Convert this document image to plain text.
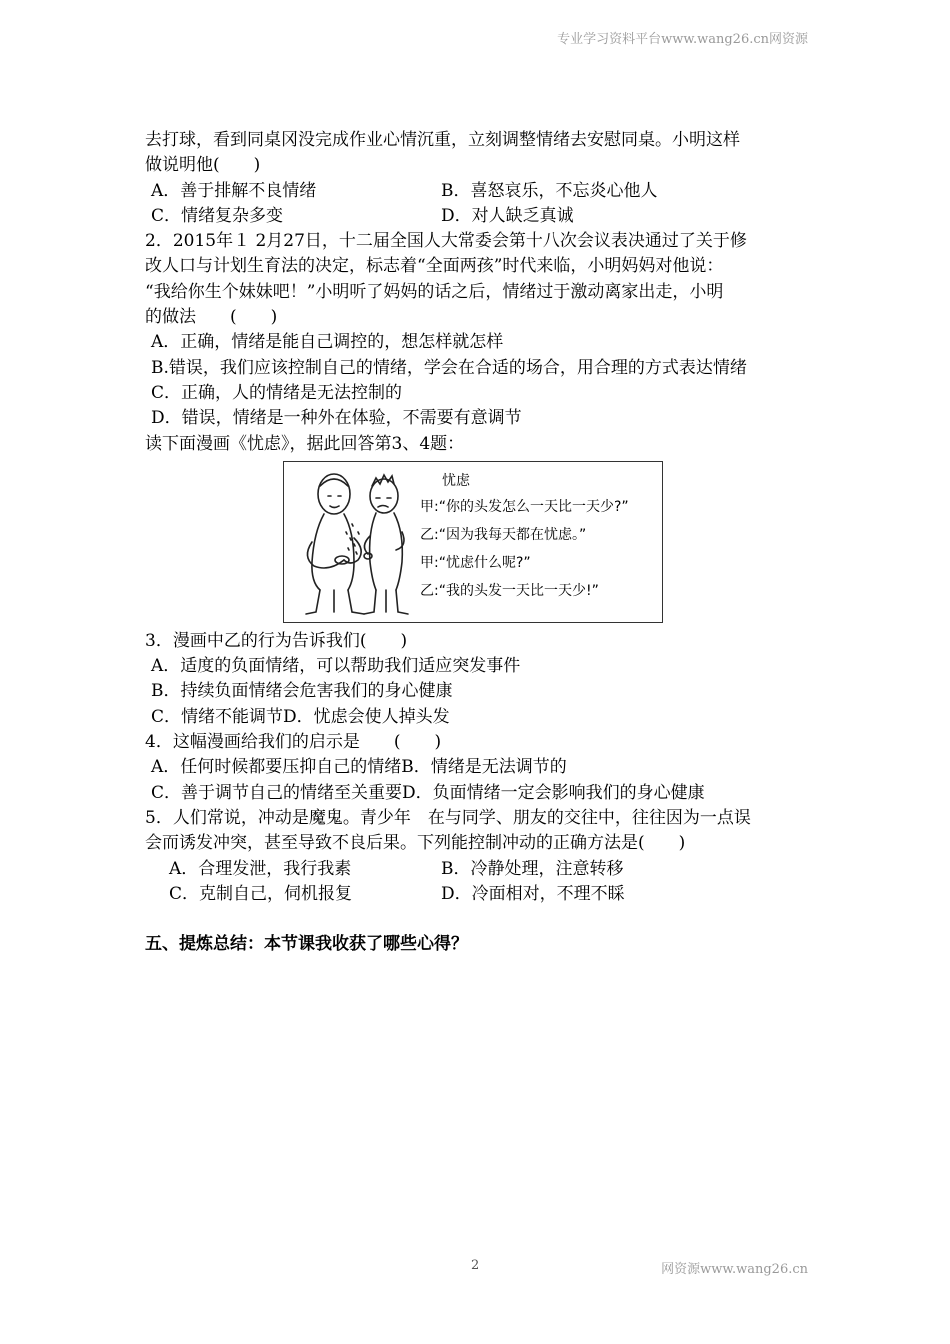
专业学习资料平台www.wang26.cn网资源
去打球，看到同桌冈没完成作业心情沉重，立刻调整情绪去安慰同桌。小明这样
做说明他(　　)
A．善于排解不良情绪	B．喜怒哀乐，不忘炎心他人
C．情绪复杂多变	D．对人缺乏真诚
2．2015年１ 2月27日，十二届全国人大常委会第十八次会议表决通过了关于修
改人口与计划生育法的决定，标志着“全面两孩”时代来临，小明妈妈对他说：
“我给你生个妹妹吧！”小明听了妈妈的话之后，情绪过于激动离家出走，小明
的做法　　(　　)
A．正确，情绪是能自己调控的，想怎样就怎样
B.错误，我们应该控制自己的情绪，学会在合适的场合，用合理的方式表达情绪
C．正确，人的情绪是无法控制的
D．错误，情绪是一种外在体验，不需要有意调节
读下面漫画《忧虑》，据此回答第3、4题：
忧虑
甲:“你的头发怎么一天比一天少?”
乙:“因为我每天都在忧虑。”
甲:“忧虑什么呢?”
乙:“我的头发一天比一天少!”
3．漫画中乙的行为告诉我们(　　)
A．适度的负面情绪，可以帮助我们适应突发事件
B．持续负面情绪会危害我们的身心健康
C．情绪不能调节D．忧虑会使人掉头发
4．这幅漫画给我们的启示是　　(　　)
A．任何时候都要压抑自己的情绪B．情绪是无法调节的
C．善于调节自己的情绪至关重要D．负面情绪一定会影响我们的身心健康
5．人们常说，冲动是魔鬼。青少年　在与同学、朋友的交往中，往往因为一点误
会而诱发冲突，甚至导致不良后果。下列能控制冲动的正确方法是(　　)
A．合理发泄，我行我素	B．冷静处理，注意转移
C．克制自己，伺机报复	D．冷面相对，不理不睬
五、提炼总结：本节课我收获了哪些心得？
2	网资源www.wang26.cn
